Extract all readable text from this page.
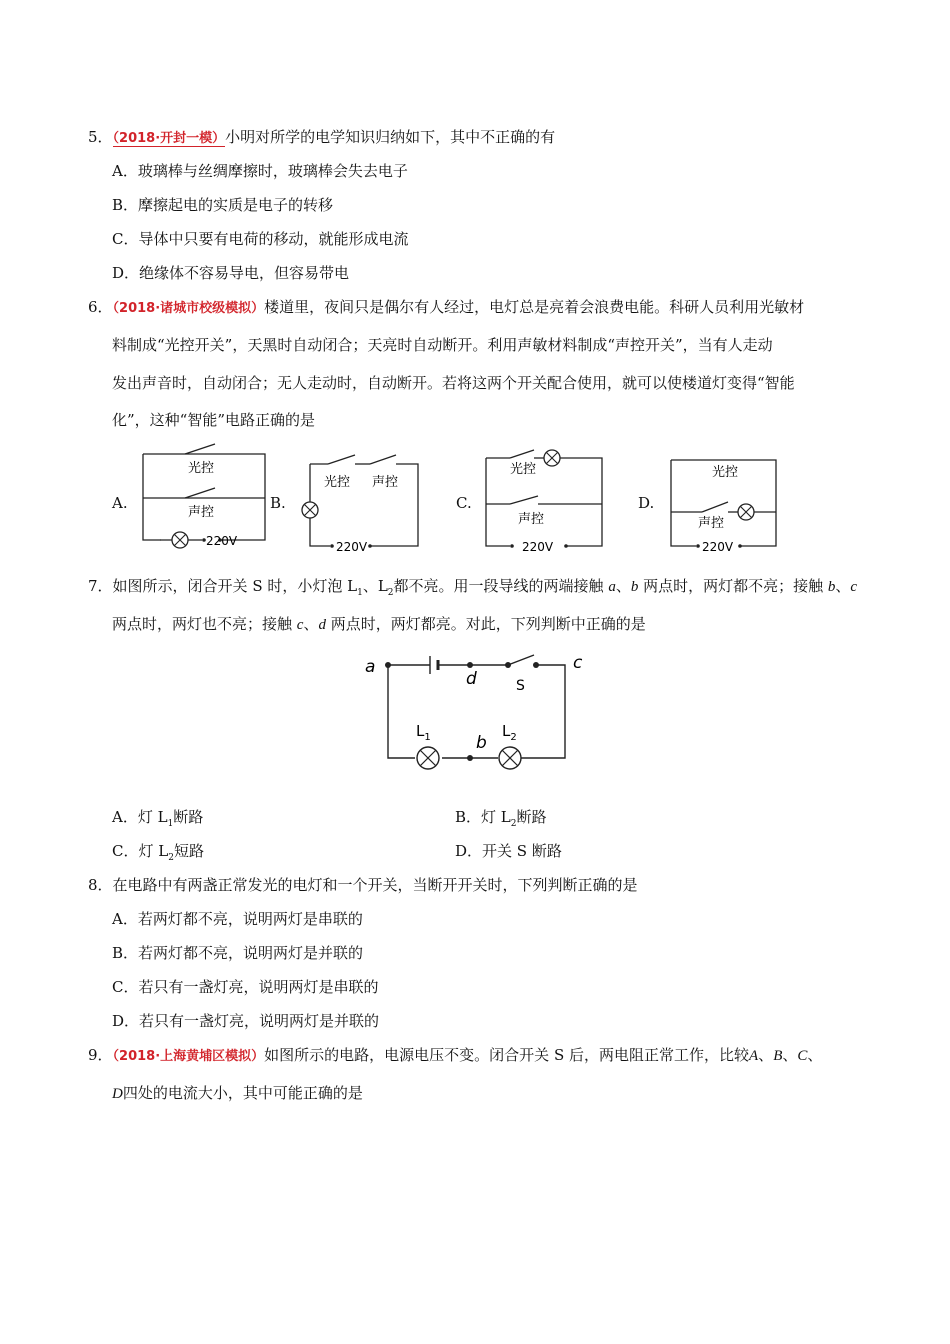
5．（2018·开封一模）小明对所学的电学知识归纳如下，其中不正确的有
A．玻璃棒与丝绸摩擦时，玻璃棒会失去电子
B．摩擦起电的实质是电子的转移
C．导体中只要有电荷的移动，就能形成电流
D．绝缘体不容易导电，但容易带电
6．（2018·诸城市校级模拟）楼道里，夜间只是偶尔有人经过，电灯总是亮着会浪费电能。科研人员利用光敏材
料制成“光控开关”，天黑时自动闭合；天亮时自动断开。利用声敏材料制成“声控开关”，当有人走动
发出声音时，自动闭合；无人走动时，自动断开。若将这两个开关配合使用，就可以使楼道灯变得“智能
化”，这种“智能”电路正确的是
A.	B.	C.	D.
光控
声控
220V
光控 声控
220V
光控
声控
220V
光控
声控
220V
7．如图所示，闭合开关 S 时，小灯泡 $L_1$、$L_2$都不亮。用一段导线的两端接触 a、b 两点时，两灯都不亮；接触 b、c
两点时，两灯也不亮；接触 c、d 两点时，两灯都亮。对此，下列判断中正确的是
a
d	S
c
b
$L_1$	$L_2$
A．灯 $L_1$断路	B．灯 $L_2$断路
C．灯 $L_2$短路	D．开关 S 断路
8．在电路中有两盏正常发光的电灯和一个开关，当断开开关时，下列判断正确的是
A．若两灯都不亮，说明两灯是串联的
B．若两灯都不亮，说明两灯是并联的
C．若只有一盏灯亮，说明两灯是串联的
D．若只有一盏灯亮，说明两灯是并联的
9．（2018·上海黄埔区模拟）如图所示的电路，电源电压不变。闭合开关 S 后，两电阻正常工作，比较A、B、C、
D四处的电流大小，其中可能正确的是
